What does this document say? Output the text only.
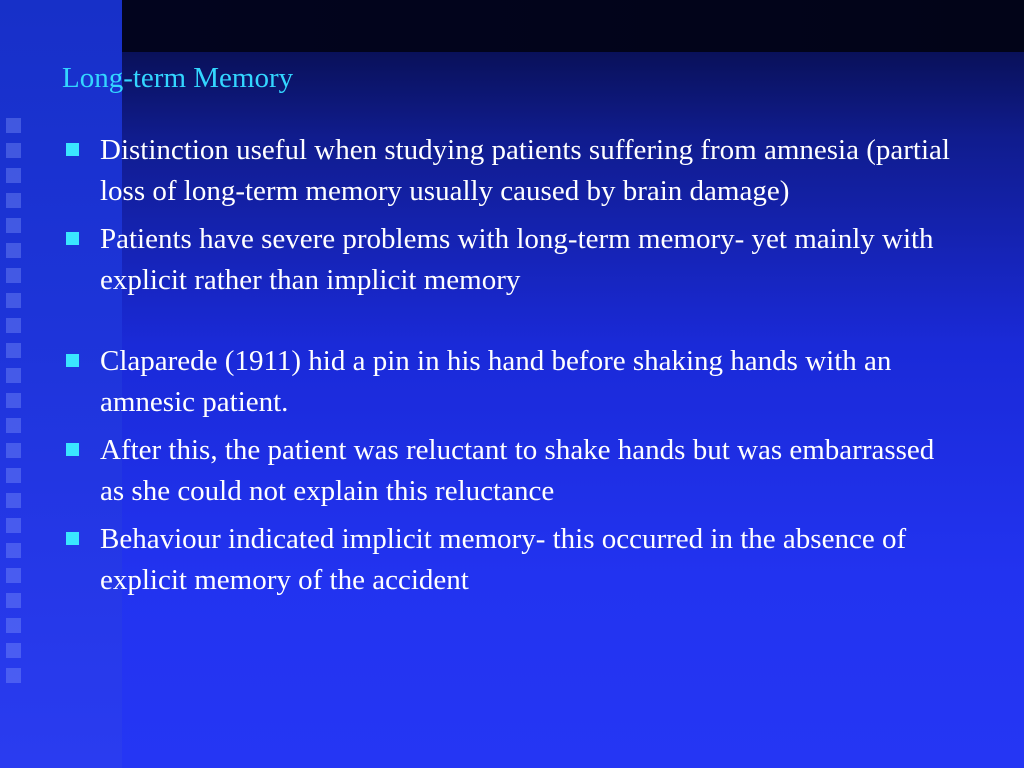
Long-term Memory
Distinction useful when studying patients suffering from amnesia (partial loss of long-term memory usually caused by brain damage)
Patients have severe problems with long-term memory- yet mainly with explicit rather than implicit memory
Claparede (1911) hid a pin in his hand before shaking hands with an amnesic patient.
After this, the patient was reluctant to shake hands but was embarrassed as she could not explain this reluctance
Behaviour indicated implicit memory- this occurred in the absence of explicit memory of the accident
